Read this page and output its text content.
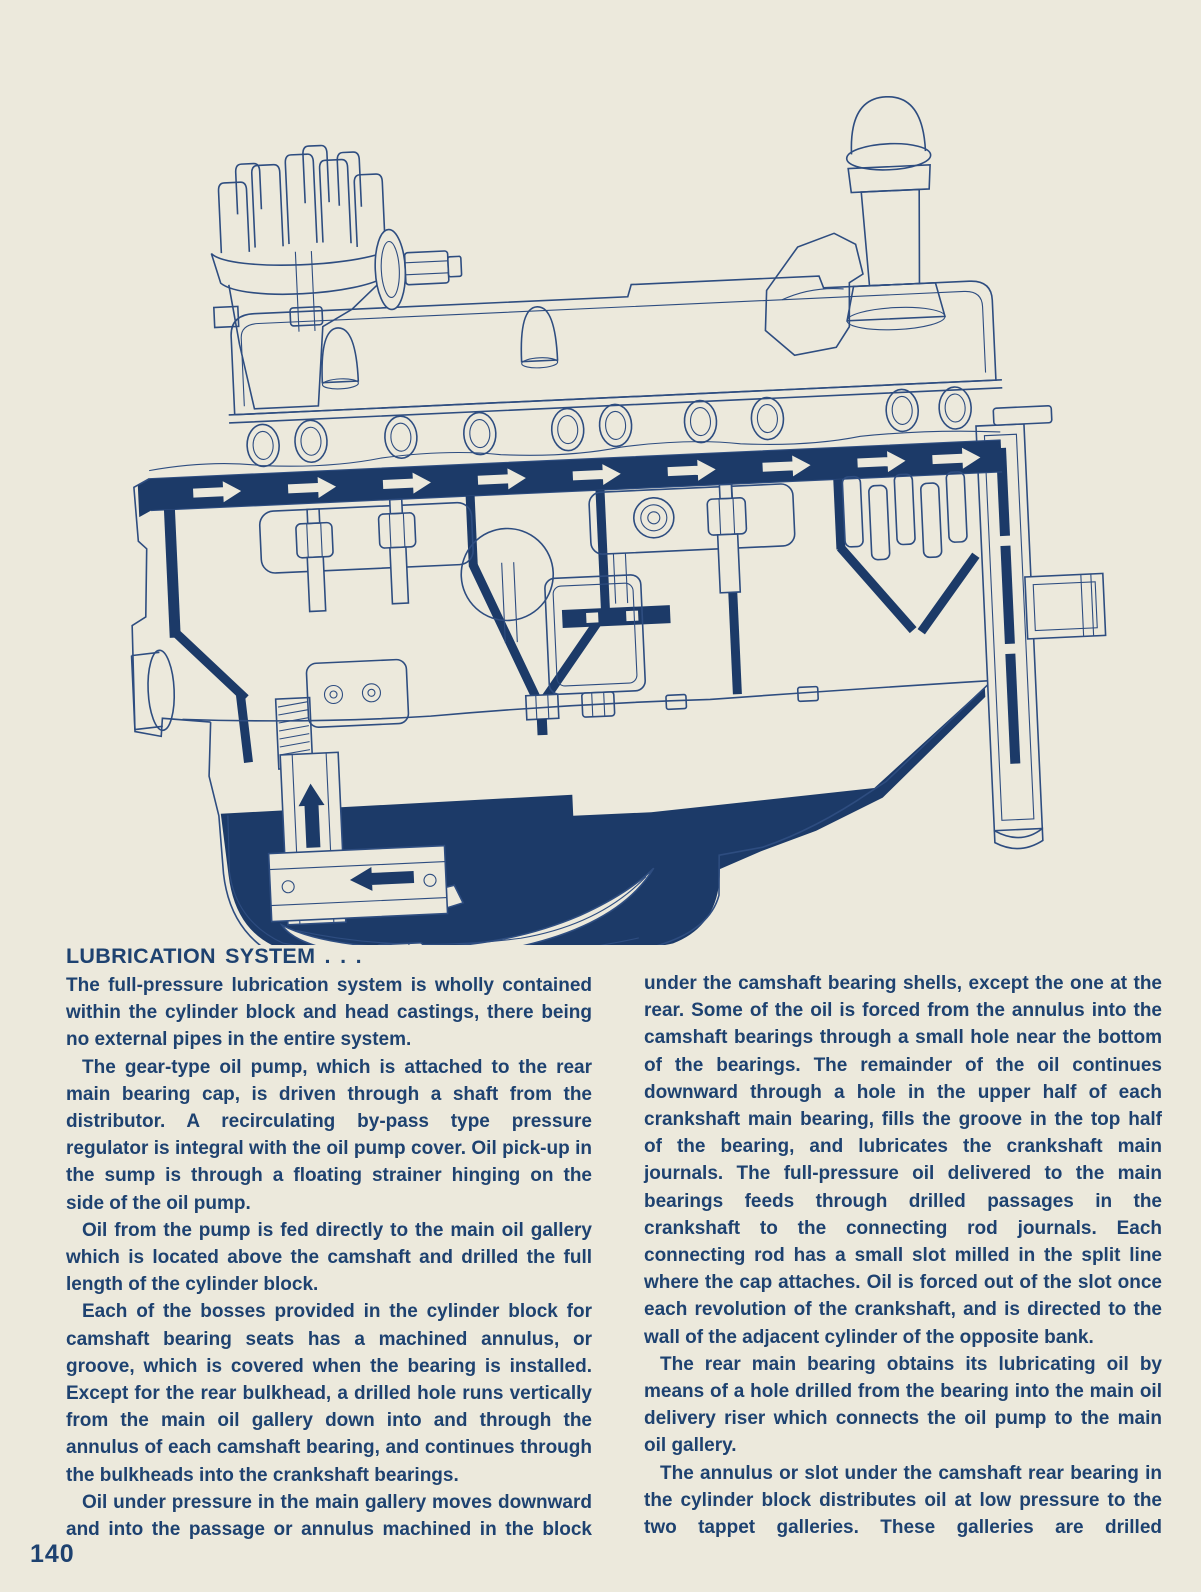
LUBRICATION SYSTEM . . .

The full-pressure lubrication system is wholly contained within the cylinder block and head castings, there being no external pipes in the entire system.

The gear-type oil pump, which is attached to the rear main bearing cap, is driven through a shaft from the distributor. A recirculating by-pass type pressure regulator is integral with the oil pump cover. Oil pick-up in the sump is through a floating strainer hinging on the side of the oil pump.

Oil from the pump is fed directly to the main oil gallery which is located above the camshaft and drilled the full length of the cylinder block.

Each of the bosses provided in the cylinder block for camshaft bearing seats has a machined annulus, or groove, which is covered when the bearing is installed. Except for the rear bulkhead, a drilled hole runs vertically from the main oil gallery down into and through the annulus of each camshaft bearing, and continues through the bulkheads into the crankshaft bearings.

Oil under pressure in the main gallery moves downward and into the passage or annulus machined in the block

under the camshaft bearing shells, except the one at the rear. Some of the oil is forced from the annulus into the camshaft bearings through a small hole near the bottom of the bearings. The remainder of the oil continues downward through a hole in the upper half of each crankshaft main bearing, fills the groove in the top half of the bearing, and lubricates the crankshaft main journals. The full-pressure oil delivered to the main bearings feeds through drilled passages in the crankshaft to the connecting rod journals. Each connecting rod has a small slot milled in the split line where the cap attaches. Oil is forced out of the slot once each revolution of the crankshaft, and is directed to the wall of the adjacent cylinder of the opposite bank.

The rear main bearing obtains its lubricating oil by means of a hole drilled from the bearing into the main oil delivery riser which connects the oil pump to the main oil gallery.

The annulus or slot under the camshaft rear bearing in the cylinder block distributes oil at low pressure to the two tappet galleries. These galleries are drilled

140
